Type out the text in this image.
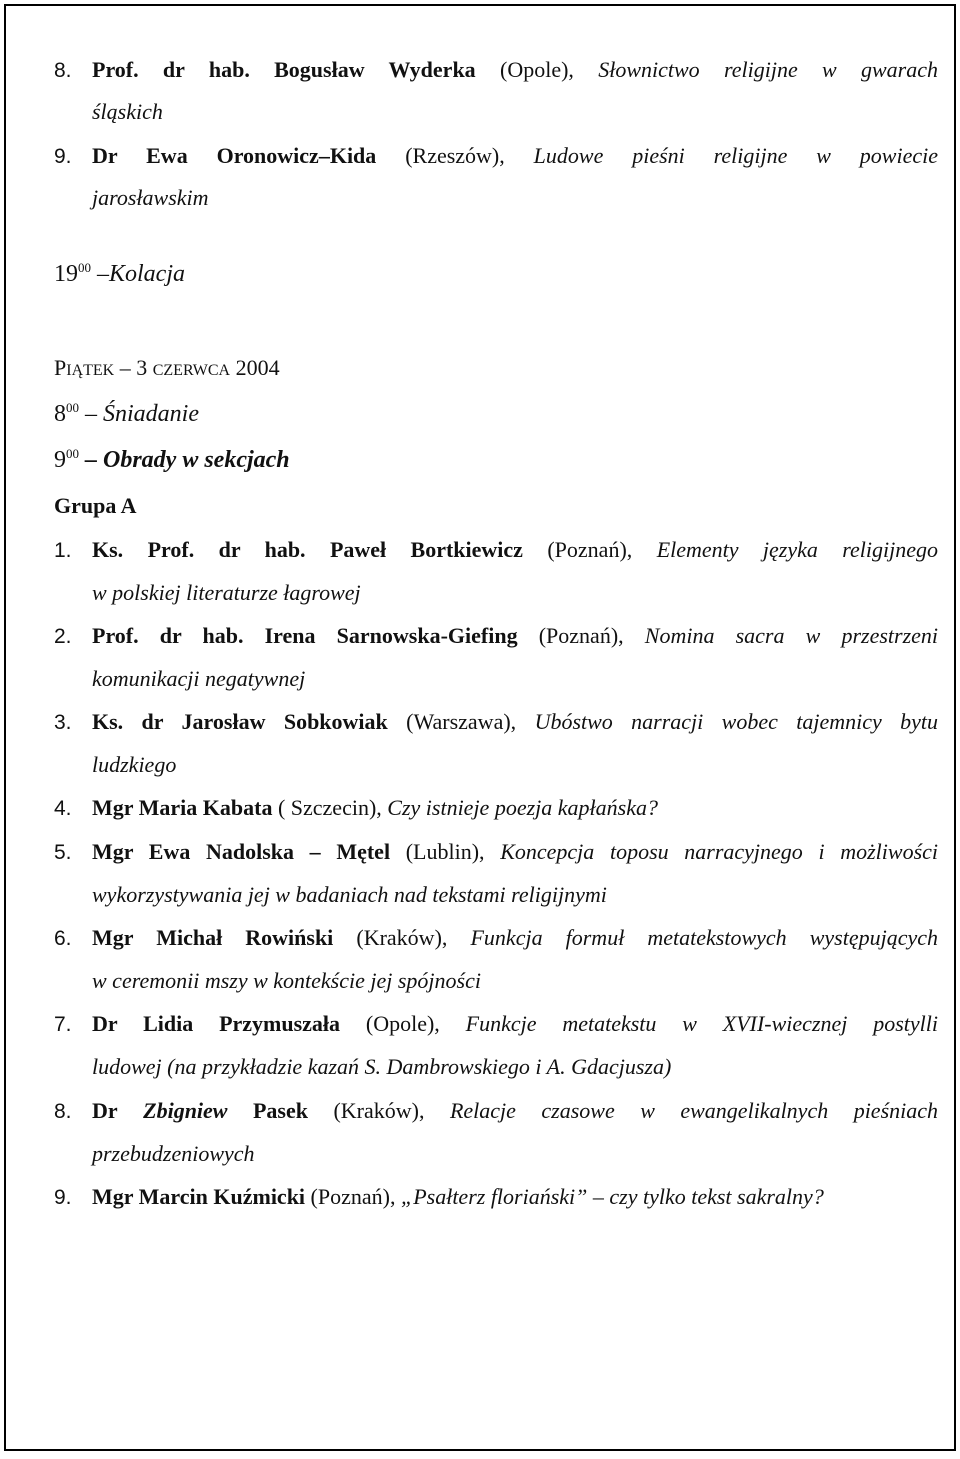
8. Prof. dr hab. Bogusław Wyderka (Opole), Słownictwo religijne w gwarach
śląskich
9. Dr Ewa Oronowicz–Kida (Rzeszów), Ludowe pieśni religijne w powiecie
jarosławskim
$19^{00}$ –Kolacja
PIĄTEK – 3 CZERWCA 2004
$8^{00}$ – Śniadanie
$9^{00}$ – Obrady w sekcjach
Grupa A
1. Ks. Prof. dr hab. Paweł Bortkiewicz (Poznań), Elementy języka religijnego
w polskiej literaturze łagrowej
2. Prof. dr hab. Irena Sarnowska-Giefing (Poznań), Nomina sacra w przestrzeni
komunikacji negatywnej
3. Ks. dr Jarosław Sobkowiak (Warszawa), Ubóstwo narracji wobec tajemnicy bytu
ludzkiego
4. Mgr Maria Kabata ( Szczecin), Czy istnieje poezja kapłańska?
5. Mgr Ewa Nadolska – Mętel (Lublin), Koncepcja toposu narracyjnego i możliwości
wykorzystywania jej w badaniach nad tekstami religijnymi
6. Mgr Michał Rowiński (Kraków), Funkcja formuł metatekstowych występujących
w ceremonii mszy w kontekście jej spójności
7. Dr Lidia Przymuszała (Opole), Funkcje metatekstu w XVII-wiecznej postylli
ludowej (na przykładzie kazań S. Dambrowskiego i A. Gdacjusza)
8. Dr Zbigniew Pasek (Kraków), Relacje czasowe w ewangelikalnych pieśniach
przebudzeniowych
9. Mgr Marcin Kuźmicki (Poznań), „Psałterz floriański” – czy tylko tekst sakralny?
